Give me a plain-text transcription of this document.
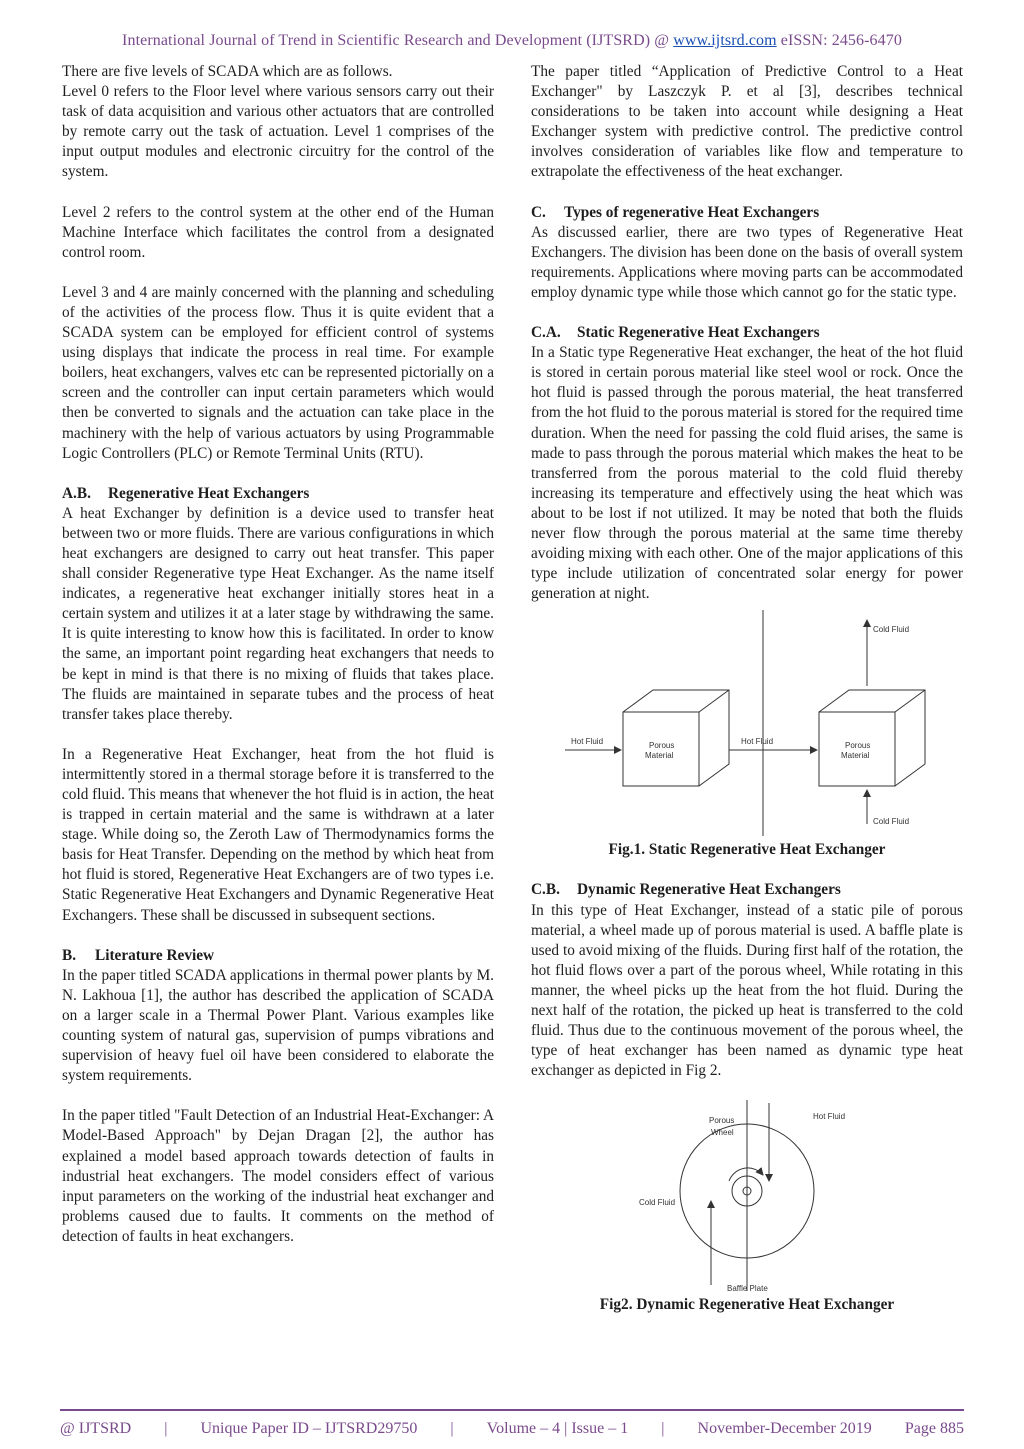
International Journal of Trend in Scientific Research and Development (IJTSRD) @ www.ijtsrd.com eISSN: 2456-6470

There are five levels of SCADA which are as follows.

Level 0 refers to the Floor level where various sensors carry out their task of data acquisition and various other actuators that are controlled by remote carry out the task of actuation. Level 1 comprises of the input output modules and electronic circuitry for the control of the system.

Level 2 refers to the control system at the other end of the Human Machine Interface which facilitates the control from a designated control room.

Level 3 and 4 are mainly concerned with the planning and scheduling of the activities of the process flow. Thus it is quite evident that a SCADA system can be employed for efficient control of systems using displays that indicate the process in real time. For example boilers, heat exchangers, valves etc can be represented pictorially on a screen and the controller can input certain parameters which would then be converted to signals and the actuation can take place in the machinery with the help of various actuators by using Programmable Logic Controllers (PLC) or Remote Terminal Units (RTU).

A.B. Regenerative Heat Exchangers

A heat Exchanger by definition is a device used to transfer heat between two or more fluids. There are various configurations in which heat exchangers are designed to carry out heat transfer. This paper shall consider Regenerative type Heat Exchanger. As the name itself indicates, a regenerative heat exchanger initially stores heat in a certain system and utilizes it at a later stage by withdrawing the same. It is quite interesting to know how this is facilitated. In order to know the same, an important point regarding heat exchangers that needs to be kept in mind is that there is no mixing of fluids that takes place. The fluids are maintained in separate tubes and the process of heat transfer takes place thereby.

In a Regenerative Heat Exchanger, heat from the hot fluid is intermittently stored in a thermal storage before it is transferred to the cold fluid. This means that whenever the hot fluid is in action, the heat is trapped in certain material and the same is withdrawn at a later stage. While doing so, the Zeroth Law of Thermodynamics forms the basis for Heat Transfer. Depending on the method by which heat from hot fluid is stored, Regenerative Heat Exchangers are of two types i.e. Static Regenerative Heat Exchangers and Dynamic Regenerative Heat Exchangers. These shall be discussed in subsequent sections.

B. Literature Review

In the paper titled SCADA applications in thermal power plants by M. N. Lakhoua [1], the author has described the application of SCADA on a larger scale in a Thermal Power Plant. Various examples like counting system of natural gas, supervision of pumps vibrations and supervision of heavy fuel oil have been considered to elaborate the system requirements.

In the paper titled "Fault Detection of an Industrial Heat-Exchanger: A Model-Based Approach" by Dejan Dragan [2], the author has explained a model based approach towards detection of faults in industrial heat exchangers. The model considers effect of various input parameters on the working of the industrial heat exchanger and problems caused due to faults. It comments on the method of detection of faults in heat exchangers.

The paper titled “Application of Predictive Control to a Heat Exchanger" by Laszczyk P. et al [3], describes technical considerations to be taken into account while designing a Heat Exchanger system with predictive control. The predictive control involves consideration of variables like flow and temperature to extrapolate the effectiveness of the heat exchanger.

C. Types of regenerative Heat Exchangers

As discussed earlier, there are two types of Regenerative Heat Exchangers. The division has been done on the basis of overall system requirements. Applications where moving parts can be accommodated employ dynamic type while those which cannot go for the static type.

C.A. Static Regenerative Heat Exchangers

In a Static type Regenerative Heat exchanger, the heat of the hot fluid is stored in certain porous material like steel wool or rock. Once the hot fluid is passed through the porous material, the heat transferred from the hot fluid to the porous material is stored for the required time duration. When the need for passing the cold fluid arises, the same is made to pass through the porous material which makes the heat to be transferred from the porous material to the cold fluid thereby increasing its temperature and effectively using the heat which was about to be lost if not utilized. It may be noted that both the fluids never flow through the porous material at the same time thereby avoiding mixing with each other. One of the major applications of this type include utilization of concentrated solar energy for power generation at night.

Hot Fluid	Hot Fluid
Porous
Material
Porous
Material
Cold Fluid
Cold Fluid

Fig.1. Static Regenerative Heat Exchanger

C.B. Dynamic Regenerative Heat Exchangers

In this type of Heat Exchanger, instead of a static pile of porous material, a wheel made up of porous material is used. A baffle plate is used to avoid mixing of the fluids. During first half of the rotation, the hot fluid flows over a part of the porous wheel, While rotating in this manner, the wheel picks up the heat from the hot fluid. During the next half of the rotation, the picked up heat is transferred to the cold fluid. Thus due to the continuous movement of the porous wheel, the type of heat exchanger has been named as dynamic type heat exchanger as depicted in Fig 2.

Porous
Wheel
Hot Fluid
Cold Fluid
Baffle Plate

Fig2. Dynamic Regenerative Heat Exchanger

@ IJTSRD | Unique Paper ID – IJTSRD29750 | Volume – 4 | Issue – 1 | November-December 2019 Page 885
